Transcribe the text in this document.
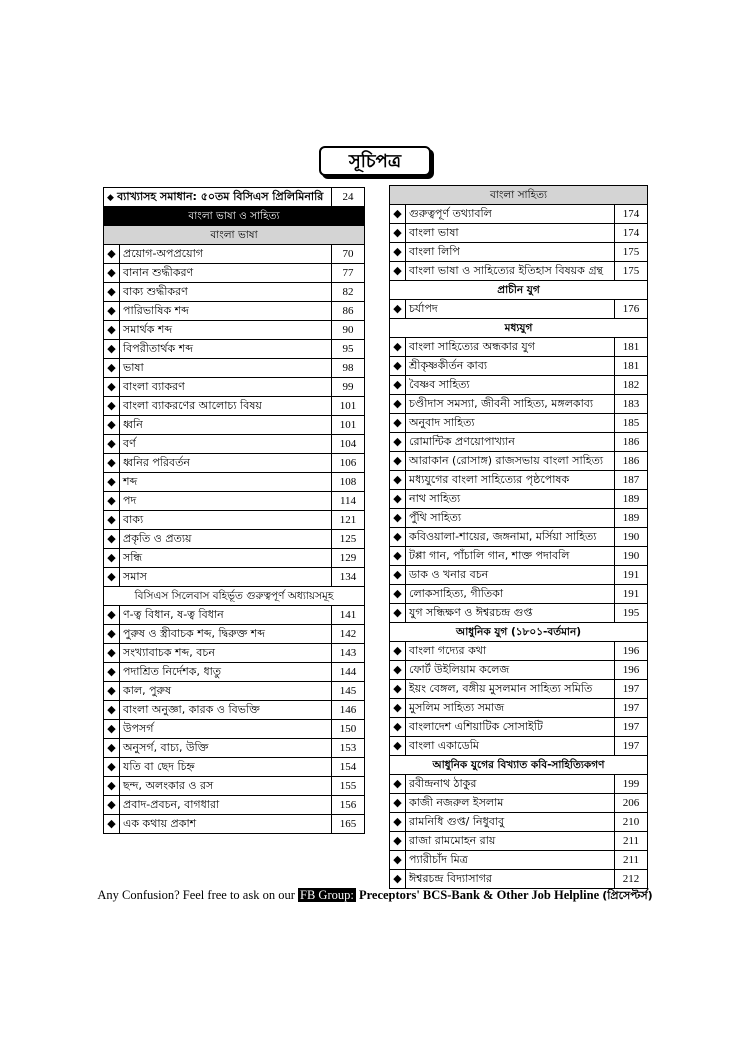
সূচিপত্র
◆ ব্যাখ্যাসহ সমাধান: ৫০তম বিসিএস প্রিলিমিনারি		24
বাংলা ভাষা ও সাহিত্য		
বাংলা ভাষা		
◆	প্রয়োগ-অপপ্রয়োগ	70
◆	বানান শুদ্ধীকরণ	77
◆	বাক্য শুদ্ধীকরণ	82
◆	পারিভাষিক শব্দ	86
◆	সমার্থক শব্দ	90
◆	বিপরীতার্থক শব্দ	95
◆	ভাষা	98
◆	বাংলা ব্যাকরণ	99
◆	বাংলা ব্যাকরণের আলোচ্য বিষয়	101
◆	ধ্বনি	101
◆	বর্ণ	104
◆	ধ্বনির পরিবর্তন	106
◆	শব্দ	108
◆	পদ	114
◆	বাক্য	121
◆	প্রকৃতি ও প্রত্যয়	125
◆	সন্ধি	129
◆	সমাস	134
বিসিএস সিলেবাস বহির্ভূত গুরুত্বপূর্ণ অধ্যায়সমূহ		
◆	ণ-ত্ব বিধান, ষ-ত্ব বিধান	141
◆	পুরুষ ও স্ত্রীবাচক শব্দ, দ্বিরুক্ত শব্দ	142
◆	সংখ্যাবাচক শব্দ, বচন	143
◆	পদাশ্রিত নির্দেশক, ধাতু	144
◆	কাল, পুরুষ	145
◆	বাংলা অনুজ্ঞা, কারক ও বিভক্তি	146
◆	উপসর্গ	150
◆	অনুসর্গ, বাচ্য, উক্তি	153
◆	যতি বা ছেদ চিহ্ন	154
◆	ছন্দ, অলংকার ও রস	155
◆	প্রবাদ-প্রবচন, বাগধারা	156
◆	এক কথায় প্রকাশ	165
বাংলা সাহিত্য		
◆	গুরুত্বপূর্ণ তথ্যাবলি	174
◆	বাংলা ভাষা	174
◆	বাংলা লিপি	175
◆	বাংলা ভাষা ও সাহিত্যের ইতিহাস বিষয়ক গ্রন্থ	175
প্রাচীন যুগ		
◆	চর্যাপদ	176
মধ্যযুগ		
◆	বাংলা সাহিত্যের অন্ধকার যুগ	181
◆	শ্রীকৃষ্ণকীর্তন কাব্য	181
◆	বৈষ্ণব সাহিত্য	182
◆	চণ্ডীদাস সমস্যা, জীবনী সাহিত্য, মঙ্গলকাব্য	183
◆	অনুবাদ সাহিত্য	185
◆	রোমান্টিক প্রণয়োপাখ্যান	186
◆	আরাকান (রোসাঙ্গ) রাজসভায় বাংলা সাহিত্য	186
◆	মধ্যযুগের বাংলা সাহিত্যের পৃষ্ঠপোষক	187
◆	নাথ সাহিত্য	189
◆	পুঁথি সাহিত্য	189
◆	কবিওয়ালা-শায়ের, জঙ্গনামা, মর্সিয়া সাহিত্য	190
◆	টপ্পা গান, পাঁচালি গান, শাক্ত পদাবলি	190
◆	ডাক ও খনার বচন	191
◆	লোকসাহিত্য, গীতিকা	191
◆	যুগ সন্ধিক্ষণ ও ঈশ্বরচন্দ্র গুপ্ত	195
আধুনিক যুগ (১৮০১-বর্তমান)		
◆	বাংলা গদ্যের কথা	196
◆	ফোর্ট উইলিয়াম কলেজ	196
◆	ইয়ং বেঙ্গল, বঙ্গীয় মুসলমান সাহিত্য সমিতি	197
◆	মুসলিম সাহিত্য সমাজ	197
◆	বাংলাদেশ এশিয়াটিক সোসাইটি	197
◆	বাংলা একাডেমি	197
আধুনিক যুগের বিখ্যাত কবি-সাহিত্যিকগণ		
◆	রবীন্দ্রনাথ ঠাকুর	199
◆	কাজী নজরুল ইসলাম	206
◆	রামনিধি গুপ্ত/ নিধুবাবু	210
◆	রাজা রামমোহন রায়	211
◆	প্যারীচাঁদ মিত্র	211
◆	ঈশ্বরচন্দ্র বিদ্যাসাগর	212
Any Confusion? Feel free to ask on our FB Group: Preceptors' BCS-Bank & Other Job Helpline (প্রিসেপ্টর্স)
